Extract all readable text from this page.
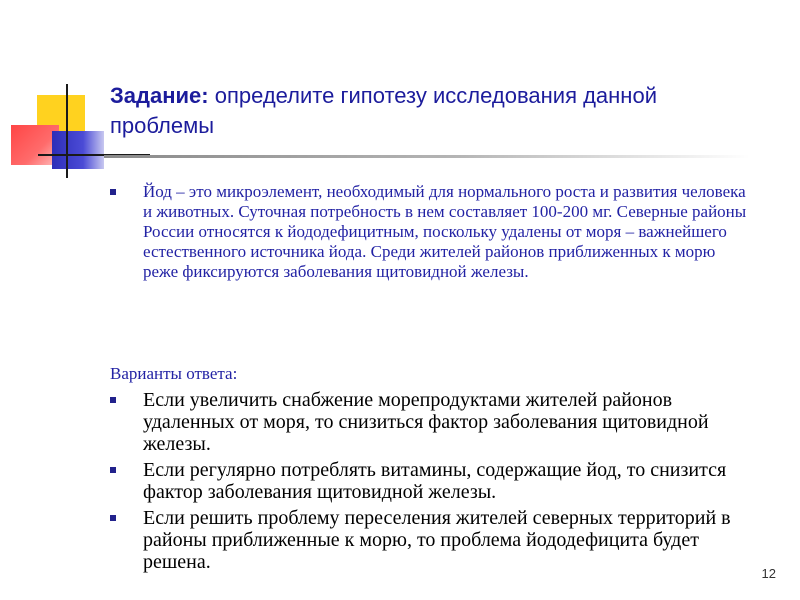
Задание: определите гипотезу исследования данной проблемы
Йод – это микроэлемент, необходимый для нормального роста и развития человека и животных. Суточная потребность в нем составляет 100-200 мг. Северные районы России относятся к йододефицитным, поскольку удалены от моря – важнейшего естественного источника йода. Среди жителей районов приближенных к морю реже фиксируются заболевания щитовидной железы.
Варианты ответа:
Если увеличить снабжение морепродуктами жителей районов удаленных от моря, то снизиться фактор заболевания щитовидной железы.
Если регулярно потреблять витамины, содержащие йод, то снизится фактор заболевания щитовидной железы.
Если решить проблему переселения жителей северных территорий в районы приближенные к морю, то проблема йододефицита будет решена.
12
